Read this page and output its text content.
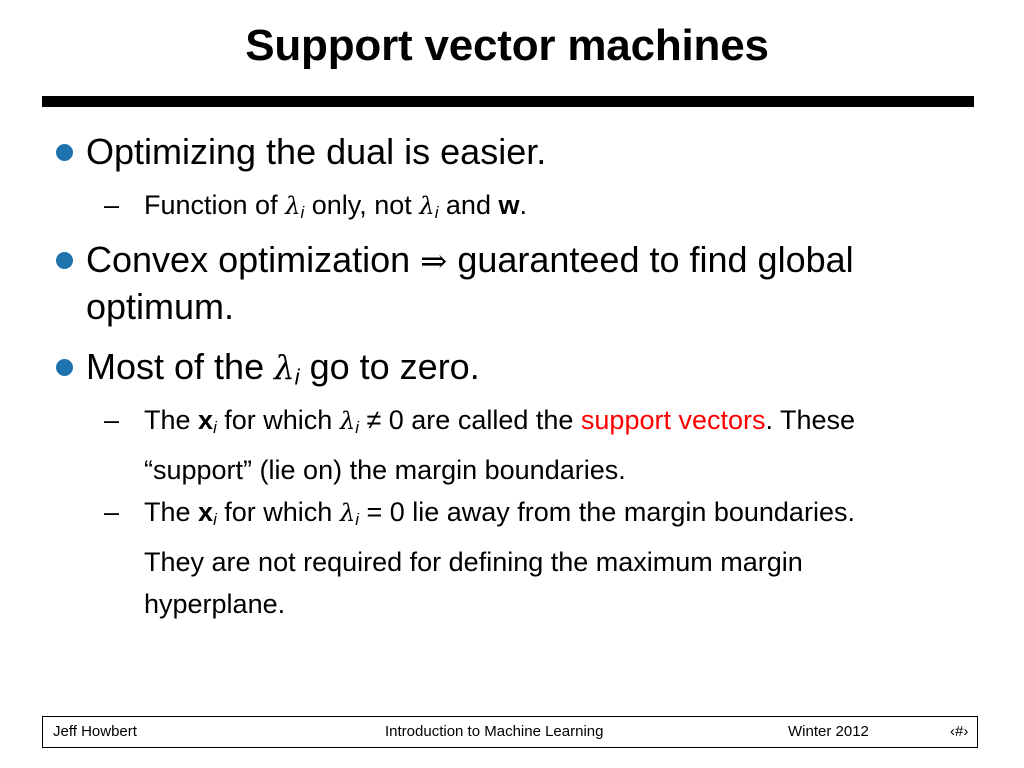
Support vector machines
Optimizing the dual is easier.
– Function of $\lambda_i$ only, not $\lambda_i$ and w.
Convex optimization ⇒ guaranteed to find global optimum.
Most of the $\lambda_i$ go to zero.
– The $x_i$ for which $\lambda_i \ne 0$ are called the support vectors. These “support” (lie on) the margin boundaries.
– The $x_i$ for which $\lambda_i = 0$ lie away from the margin boundaries. They are not required for defining the maximum margin hyperplane.
Jeff Howbert	Introduction to Machine Learning	Winter 2012	‹#›
